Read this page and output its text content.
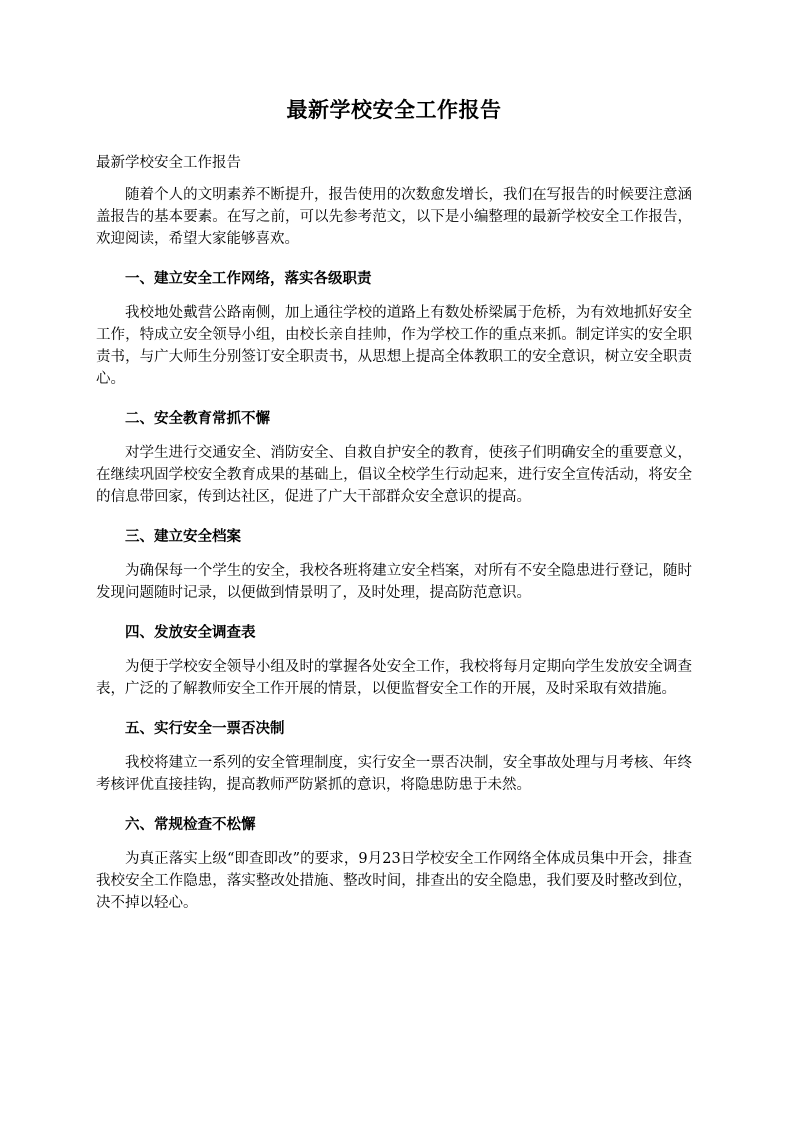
最新学校安全工作报告

最新学校安全工作报告

随着个人的文明素养不断提升，报告使用的次数愈发增长，我们在写报告的时候要注意涵盖报告的基本要素。在写之前，可以先参考范文，以下是小编整理的最新学校安全工作报告，欢迎阅读，希望大家能够喜欢。

一、建立安全工作网络，落实各级职责

我校地处戴营公路南侧，加上通往学校的道路上有数处桥梁属于危桥，为有效地抓好安全工作，特成立安全领导小组，由校长亲自挂帅，作为学校工作的重点来抓。制定详实的安全职责书，与广大师生分别签订安全职责书，从思想上提高全体教职工的安全意识，树立安全职责心。

二、安全教育常抓不懈

对学生进行交通安全、消防安全、自救自护安全的教育，使孩子们明确安全的重要意义，在继续巩固学校安全教育成果的基础上，倡议全校学生行动起来，进行安全宣传活动，将安全的信息带回家，传到达社区，促进了广大干部群众安全意识的提高。

三、建立安全档案

为确保每一个学生的安全，我校各班将建立安全档案，对所有不安全隐患进行登记，随时发现问题随时记录，以便做到情景明了，及时处理，提高防范意识。

四、发放安全调查表

为便于学校安全领导小组及时的掌握各处安全工作，我校将每月定期向学生发放安全调查表，广泛的了解教师安全工作开展的情景，以便监督安全工作的开展，及时采取有效措施。

五、实行安全一票否决制

我校将建立一系列的安全管理制度，实行安全一票否决制，安全事故处理与月考核、年终考核评优直接挂钩，提高教师严防紧抓的意识，将隐患防患于未然。

六、常规检查不松懈

为真正落实上级“即查即改”的要求，9月23日学校安全工作网络全体成员集中开会，排查我校安全工作隐患，落实整改处措施、整改时间，排查出的安全隐患，我们要及时整改到位，决不掉以轻心。
